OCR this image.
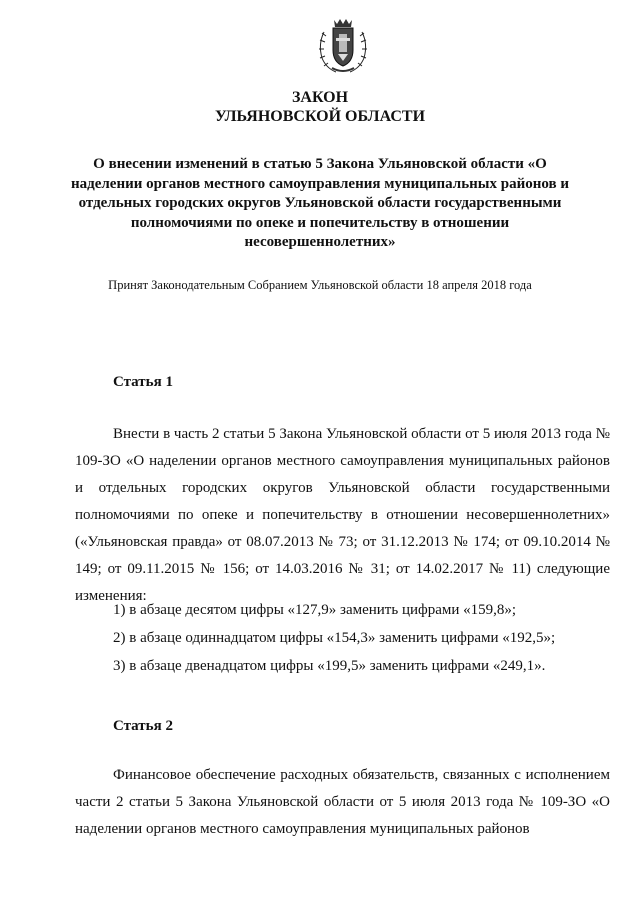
ЗАКОН
УЛЬЯНОВСКОЙ ОБЛАСТИ
О внесении изменений в статью 5 Закона Ульяновской области «О наделении органов местного самоуправления муниципальных районов и отдельных городских округов Ульяновской области государственными полномочиями по опеке и попечительству в отношении несовершеннолетних»
Принят Законодательным Собранием Ульяновской области 18 апреля 2018 года
Статья 1

Внести в часть 2 статьи 5 Закона Ульяновской области от 5 июля 2013 года № 109-ЗО «О наделении органов местного самоуправления муниципальных районов и отдельных городских округов Ульяновской области государственными полномочиями по опеке и попечительству в отношении несовершеннолетних» («Ульяновская правда» от 08.07.2013 № 73; от 31.12.2013 № 174; от 09.10.2014 № 149; от 09.11.2015 № 156; от 14.03.2016 № 31; от 14.02.2017 № 11) следующие изменения:

1) в абзаце десятом цифры «127,9» заменить цифрами «159,8»;
2) в абзаце одиннадцатом цифры «154,3» заменить цифрами «192,5»;
3) в абзаце двенадцатом цифры «199,5» заменить цифрами «249,1».
Статья 2

Финансовое обеспечение расходных обязательств, связанных с исполнением части 2 статьи 5 Закона Ульяновской области от 5 июля 2013 года № 109-ЗО «О наделении органов местного самоуправления муниципальных районов
